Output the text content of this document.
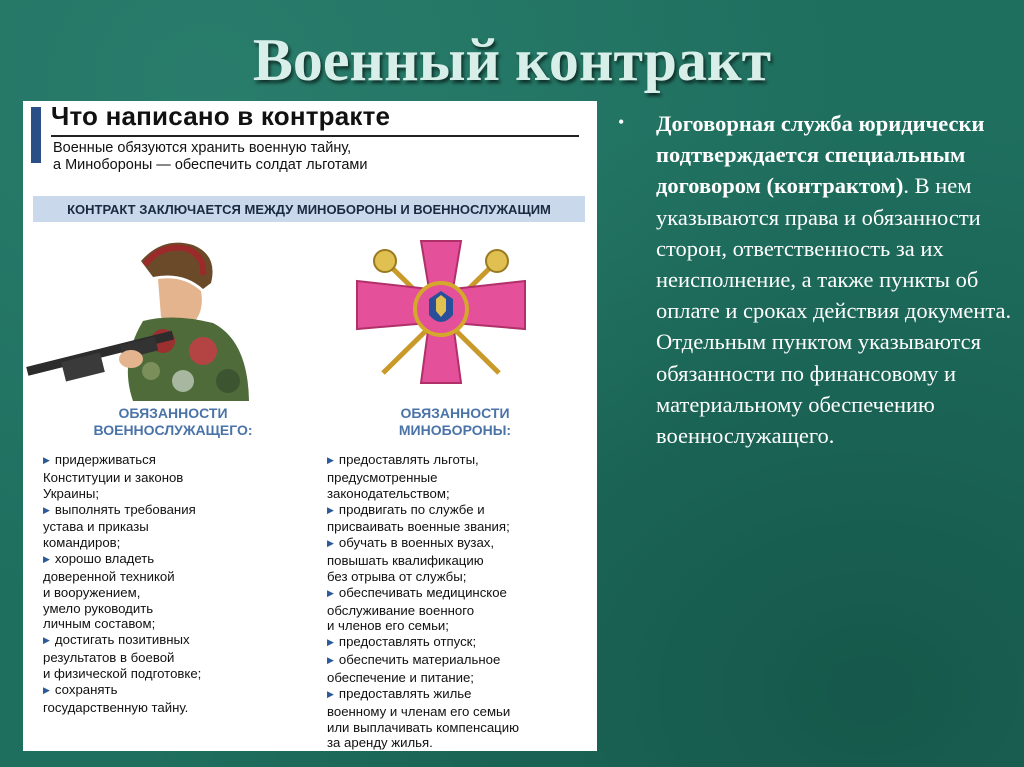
Военный контракт
Что написано в контракте
Военные обязуются хранить военную тайну,
а Минобороны — обеспечить солдат льготами
КОНТРАКТ ЗАКЛЮЧАЕТСЯ МЕЖДУ МИНОБОРОНЫ И ВОЕННОСЛУЖАЩИМ
ОБЯЗАННОСТИ
ВОЕННОСЛУЖАЩЕГО:
ОБЯЗАННОСТИ
МИНОБОРОНЫ:
▶ придерживаться
Конституции и законов
Украины;
▶ выполнять требования
устава и приказы
командиров;
▶ хорошо владеть
доверенной техникой
и вооружением,
умело руководить
личным составом;
▶ достигать позитивных
результатов в боевой
и физической подготовке;
▶ сохранять
государственную тайну.
▶ предоставлять льготы,
предусмотренные
законодательством;
▶ продвигать по службе и
присваивать военные звания;
▶ обучать в военных вузах,
повышать квалификацию
без отрыва от службы;
▶ обеспечивать медицинское
обслуживание военного
и членов его семьи;
▶ предоставлять отпуск;
▶ обеспечить материальное
обеспечение и питание;
▶ предоставлять жилье
военному и членам его семьи
или выплачивать компенсацию
за аренду жилья.
• Договорная служба юридически подтверждается специальным договором (контрактом). В нем указываются права и обязанности сторон, ответственность за их неисполнение, а также пункты об оплате и сроках действия документа. Отдельным пунктом указываются обязанности по финансовому и материальному обеспечению военнослужащего.
